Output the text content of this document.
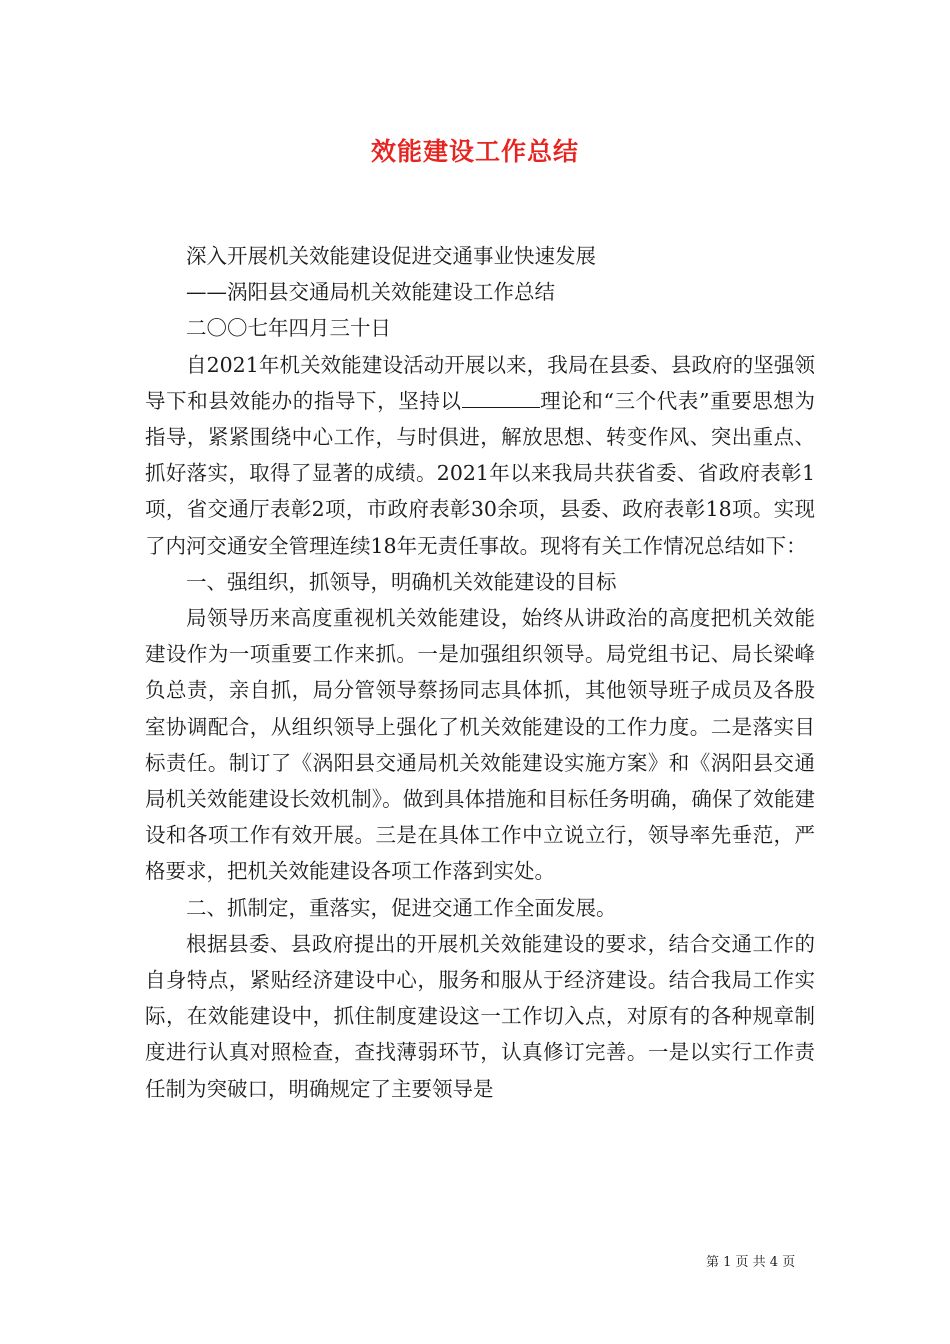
效能建设工作总结

深入开展机关效能建设促进交通事业快速发展

——涡阳县交通局机关效能建设工作总结

二〇〇七年四月三十日

自2021年机关效能建设活动开展以来，我局在县委、县政府的坚强领导下和县效能办的指导下，坚持以	理论和“三个代表”重要思想为指导，紧紧围绕中心工作，与时俱进，解放思想、转变作风、突出重点、抓好落实，取得了显著的成绩。2021年以来我局共获省委、省政府表彰1项，省交通厅表彰2项，市政府表彰30余项，县委、政府表彰18项。实现了内河交通安全管理连续18年无责任事故。现将有关工作情况总结如下：

一、强组织，抓领导，明确机关效能建设的目标

局领导历来高度重视机关效能建设，始终从讲政治的高度把机关效能建设作为一项重要工作来抓。一是加强组织领导。局党组书记、局长梁峰负总责，亲自抓，局分管领导蔡扬同志具体抓，其他领导班子成员及各股室协调配合，从组织领导上强化了机关效能建设的工作力度。二是落实目标责任。制订了《涡阳县交通局机关效能建设实施方案》和《涡阳县交通局机关效能建设长效机制》。做到具体措施和目标任务明确，确保了效能建设和各项工作有效开展。三是在具体工作中立说立行，领导率先垂范，严格要求，把机关效能建设各项工作落到实处。

二、抓制定，重落实，促进交通工作全面发展。

根据县委、县政府提出的开展机关效能建设的要求，结合交通工作的自身特点，紧贴经济建设中心，服务和服从于经济建设。结合我局工作实际，在效能建设中，抓住制度建设这一工作切入点，对原有的各种规章制度进行认真对照检查，查找薄弱环节，认真修订完善。一是以实行工作责任制为突破口，明确规定了主要领导是

第 1 页 共 4 页
